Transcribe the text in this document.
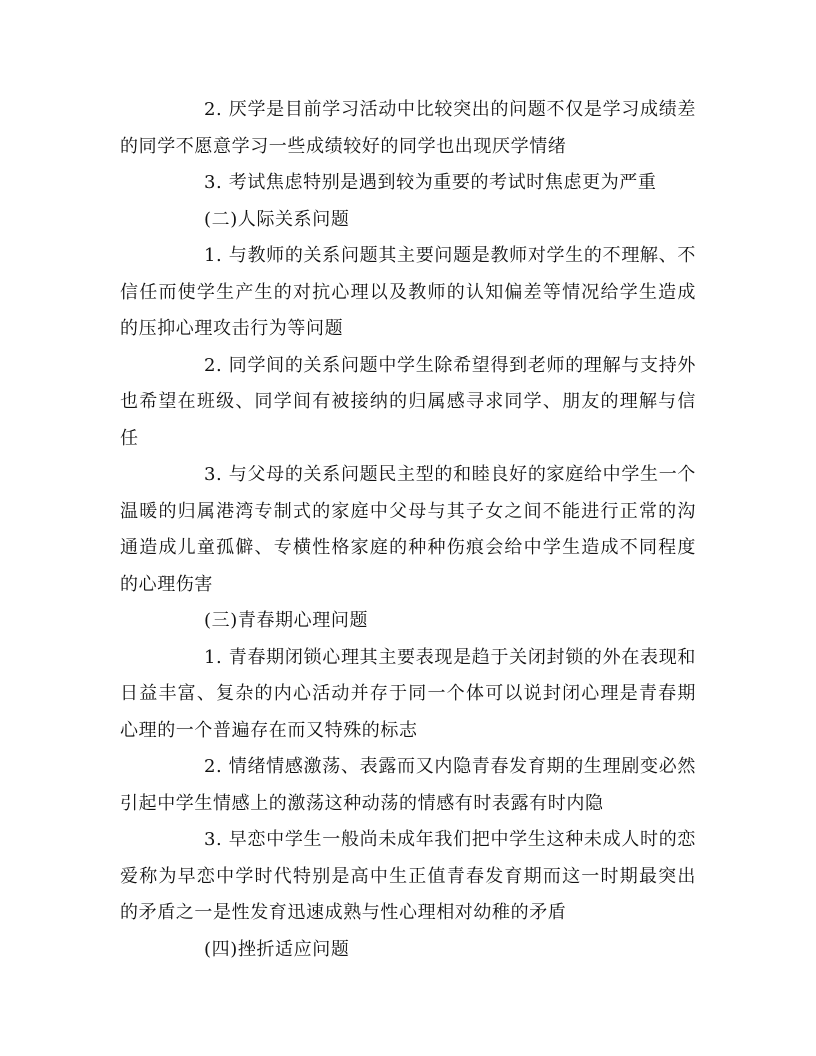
2. 厌学是目前学习活动中比较突出的问题不仅是学习成绩差的同学不愿意学习一些成绩较好的同学也出现厌学情绪

3. 考试焦虑特别是遇到较为重要的考试时焦虑更为严重

(二)人际关系问题

1. 与教师的关系问题其主要问题是教师对学生的不理解、不信任而使学生产生的对抗心理以及教师的认知偏差等情况给学生造成的压抑心理攻击行为等问题

2. 同学间的关系问题中学生除希望得到老师的理解与支持外也希望在班级、同学间有被接纳的归属感寻求同学、朋友的理解与信任

3. 与父母的关系问题民主型的和睦良好的家庭给中学生一个温暖的归属港湾专制式的家庭中父母与其子女之间不能进行正常的沟通造成儿童孤僻、专横性格家庭的种种伤痕会给中学生造成不同程度的心理伤害

(三)青春期心理问题

1. 青春期闭锁心理其主要表现是趋于关闭封锁的外在表现和日益丰富、复杂的内心活动并存于同一个体可以说封闭心理是青春期心理的一个普遍存在而又特殊的标志

2. 情绪情感激荡、表露而又内隐青春发育期的生理剧变必然引起中学生情感上的激荡这种动荡的情感有时表露有时内隐

3. 早恋中学生一般尚未成年我们把中学生这种未成人时的恋爱称为早恋中学时代特别是高中生正值青春发育期而这一时期最突出的矛盾之一是性发育迅速成熟与性心理相对幼稚的矛盾

(四)挫折适应问题
